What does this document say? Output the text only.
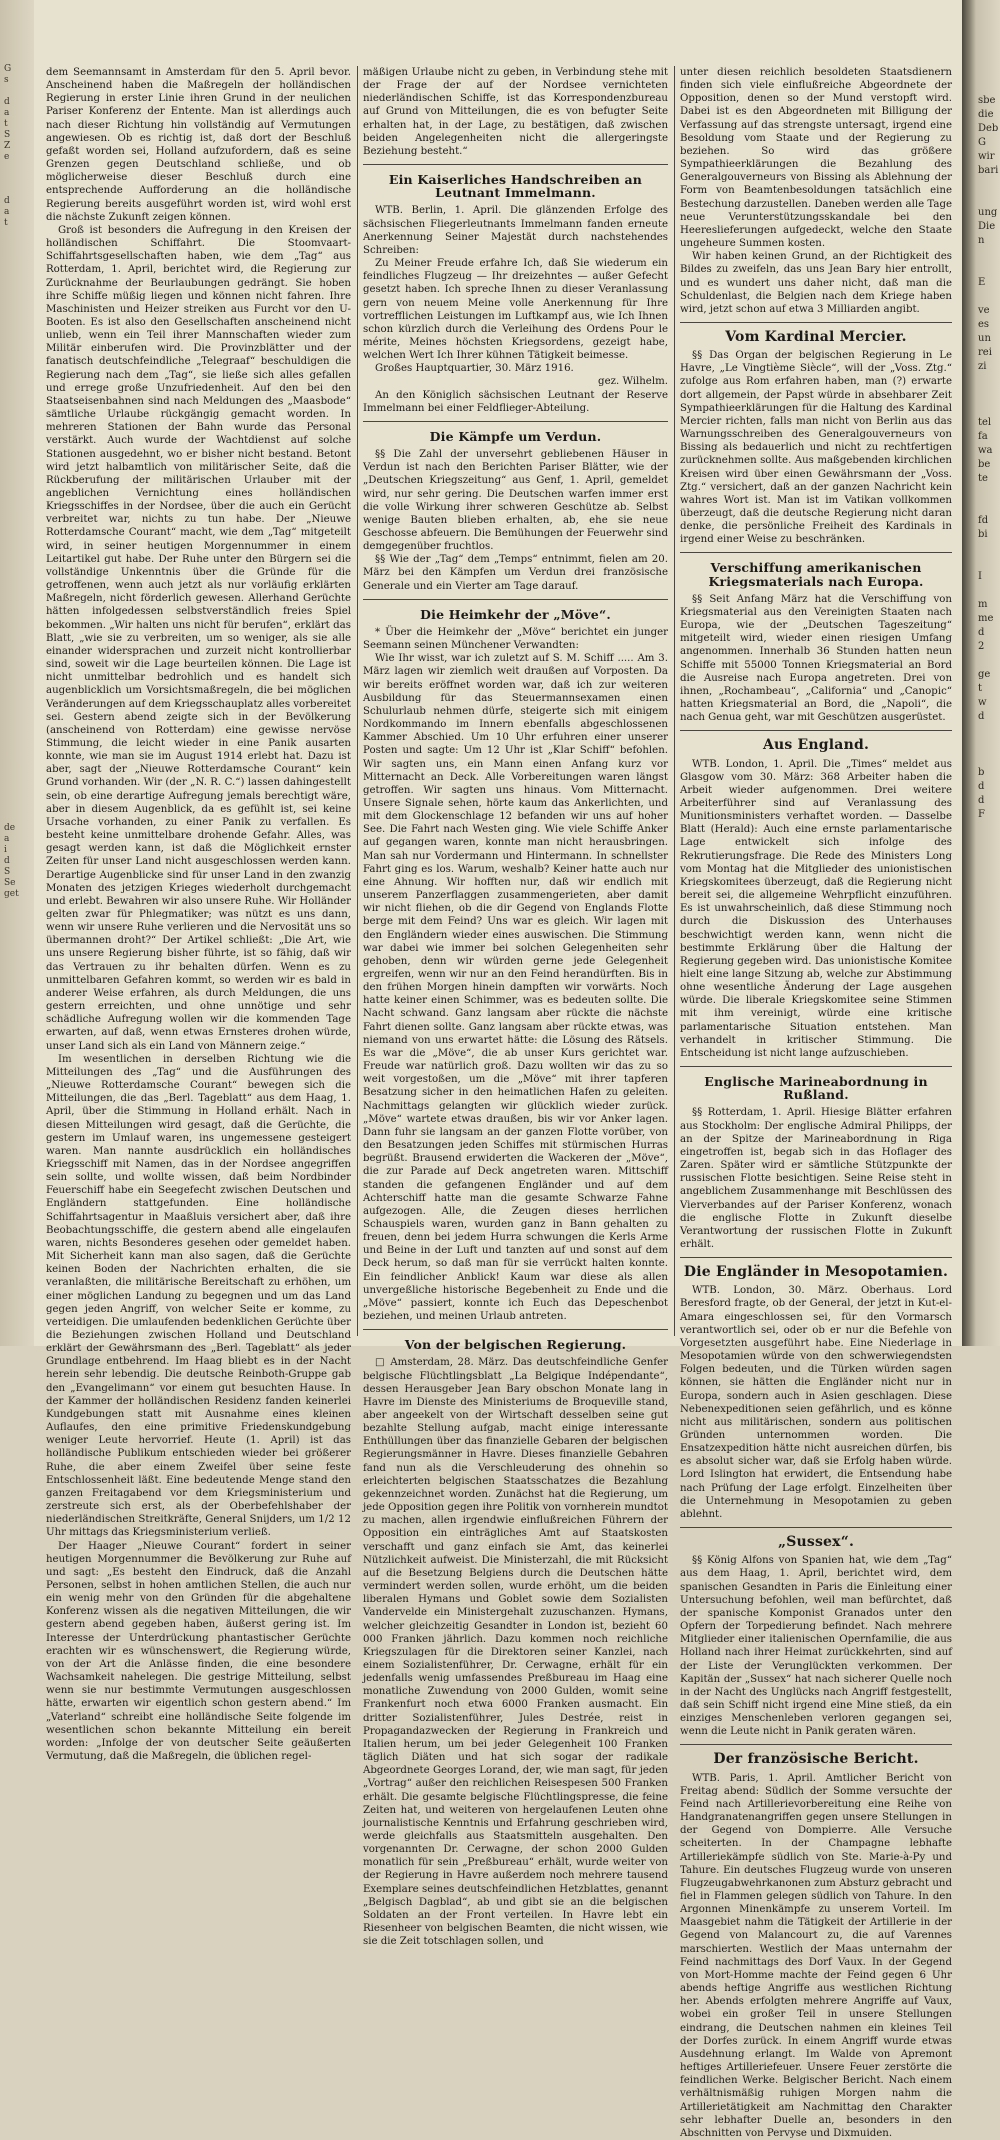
G
s

d
a
t
S
Z
e

d
a
t

de
a
i
d
S
Se
get

sbe
die
Deb
G
wir
bari

ung
Die
n

E

ve
es
un
rei
zi

tel
fa
wa
be
te

fd
bi

I

m
me
d
2

ge
t
w
d

b
d
d
F

dem Seemannsamt in Amsterdam für den 5. April bevor. Anscheinend haben die Maßregeln der holländischen Regierung in erster Linie ihren Grund in der neulichen Pariser Konferenz der Entente. Man ist allerdings auch nach dieser Richtung hin vollständig auf Vermutungen angewiesen. Ob es richtig ist, daß dort der Beschluß gefaßt worden sei, Holland aufzufordern, daß es seine Grenzen gegen Deutschland schließe, und ob möglicherweise dieser Beschluß durch eine entsprechende Aufforderung an die holländische Regierung bereits ausgeführt worden ist, wird wohl erst die nächste Zukunft zeigen können.

Groß ist besonders die Aufregung in den Kreisen der holländischen Schiffahrt. Die Stoomvaart-Schiffahrtsgesellschaften haben, wie dem „Tag“ aus Rotterdam, 1. April, berichtet wird, die Regierung zur Zurücknahme der Beurlaubungen gedrängt. Sie hoben ihre Schiffe müßig liegen und können nicht fahren. Ihre Maschinisten und Heizer streiken aus Furcht vor den U-Booten. Es ist also den Gesellschaften anscheinend nicht unlieb, wenn ein Teil ihrer Mannschaften wieder zum Militär einberufen wird. Die Provinzblätter und der fanatisch deutschfeindliche „Telegraaf“ beschuldigen die Regierung nach dem „Tag“, sie ließe sich alles gefallen und errege große Unzufriedenheit. Auf den bei den Staatseisenbahnen sind nach Meldungen des „Maasbode“ sämtliche Urlaube rückgängig gemacht worden. In mehreren Stationen der Bahn wurde das Personal verstärkt. Auch wurde der Wachtdienst auf solche Stationen ausgedehnt, wo er bisher nicht bestand. Betont wird jetzt halbamtlich von militärischer Seite, daß die Rückberufung der militärischen Urlauber mit der angeblichen Vernichtung eines holländischen Kriegsschiffes in der Nordsee, über die auch ein Gerücht verbreitet war, nichts zu tun habe. Der „Nieuwe Rotterdamsche Courant“ macht, wie dem „Tag“ mitgeteilt wird, in seiner heutigen Morgennummer in einem Leitartikel gut habe. Der Ruhe unter den Bürgern sei die vollständige Unkenntnis über die Gründe für die getroffenen, wenn auch jetzt als nur vorläufig erklärten Maßregeln, nicht förderlich gewesen. Allerhand Gerüchte hätten infolgedessen selbstverständlich freies Spiel bekommen. „Wir halten uns nicht für berufen“, erklärt das Blatt, „wie sie zu verbreiten, um so weniger, als sie alle einander widersprachen und zurzeit nicht kontrollierbar sind, soweit wir die Lage beurteilen können. Die Lage ist nicht unmittelbar bedrohlich und es handelt sich augenblicklich um Vorsichtsmaßregeln, die bei möglichen Veränderungen auf dem Kriegsschauplatz alles vorbereitet sei. Gestern abend zeigte sich in der Bevölkerung (anscheinend von Rotterdam) eine gewisse nervöse Stimmung, die leicht wieder in eine Panik ausarten konnte, wie man sie im August 1914 erlebt hat. Dazu ist aber, sagt der „Nieuwe Rotterdamsche Courant“ kein Grund vorhanden. Wir (der „N. R. C.“) lassen dahingestellt sein, ob eine derartige Aufregung jemals berechtigt wäre, aber in diesem Augenblick, da es gefühlt ist, sei keine Ursache vorhanden, zu einer Panik zu verfallen. Es besteht keine unmittelbare drohende Gefahr. Alles, was gesagt werden kann, ist daß die Möglichkeit ernster Zeiten für unser Land nicht ausgeschlossen werden kann. Derartige Augenblicke sind für unser Land in den zwanzig Monaten des jetzigen Krieges wiederholt durchgemacht und erlebt. Bewahren wir also unsere Ruhe. Wir Holländer gelten zwar für Phlegmatiker; was nützt es uns dann, wenn wir unsere Ruhe verlieren und die Nervosität uns so übermannen droht?“ Der Artikel schließt: „Die Art, wie uns unsere Regierung bisher führte, ist so fähig, daß wir das Vertrauen zu ihr behalten dürfen. Wenn es zu unmittelbaren Gefahren kommt, so werden wir es bald in anderer Weise erfahren, als durch Meldungen, die uns gestern erreichten, und ohne unnötige und sehr schädliche Aufregung wollen wir die kommenden Tage erwarten, auf daß, wenn etwas Ernsteres drohen würde, unser Land sich als ein Land von Männern zeige.“

Im wesentlichen in derselben Richtung wie die Mitteilungen des „Tag“ und die Ausführungen des „Nieuwe Rotterdamsche Courant“ bewegen sich die Mitteilungen, die das „Berl. Tageblatt“ aus dem Haag, 1. April, über die Stimmung in Holland erhält. Nach in diesen Mitteilungen wird gesagt, daß die Gerüchte, die gestern im Umlauf waren, ins ungemessene gesteigert waren. Man nannte ausdrücklich ein holländisches Kriegsschiff mit Namen, das in der Nordsee angegriffen sein sollte, und wollte wissen, daß beim Nordbinder Feuerschiff habe ein Seegefecht zwischen Deutschen und Engländern stattgefunden. Eine holländische Schiffahrtsagentur in Maaßluis versichert aber, daß ihre Beobachtungsschiffe, die gestern abend alle eingelaufen waren, nichts Besonderes gesehen oder gemeldet haben. Mit Sicherheit kann man also sagen, daß die Gerüchte keinen Boden der Nachrichten erhalten, die sie veranlaßten, die militärische Bereitschaft zu erhöhen, um einer möglichen Landung zu begegnen und um das Land gegen jeden Angriff, von welcher Seite er komme, zu verteidigen. Die umlaufenden bedenklichen Gerüchte über die Beziehungen zwischen Holland und Deutschland erklärt der Gewährsmann des „Berl. Tageblatt“ als jeder Grundlage entbehrend. Im Haag bliebt es in der Nacht herein sehr lebendig. Die deutsche Reinboth-Gruppe gab den „Evangelimann“ vor einem gut besuchten Hause. In der Kammer der holländischen Residenz fanden keinerlei Kundgebungen statt mit Ausnahme eines kleinen Auflaufes, den eine primitive Friedenskundgebung weniger Leute hervorrief. Heute (1. April) ist das holländische Publikum entschieden wieder bei größerer Ruhe, die aber einem Zweifel über seine feste Entschlossenheit läßt. Eine bedeutende Menge stand den ganzen Freitagabend vor dem Kriegsministerium und zerstreute sich erst, als der Oberbefehlshaber der niederländischen Streitkräfte, General Snijders, um 1/2 12 Uhr mittags das Kriegsministerium verließ.

Der Haager „Nieuwe Courant“ fordert in seiner heutigen Morgennummer die Bevölkerung zur Ruhe auf und sagt: „Es besteht den Eindruck, daß die Anzahl Personen, selbst in hohen amtlichen Stellen, die auch nur ein wenig mehr von den Gründen für die abgehaltene Konferenz wissen als die negativen Mitteilungen, die wir gestern abend gegeben haben, äußerst gering ist. Im Interesse der Unterdrückung phantastischer Gerüchte erachten wir es wünschenswert, die Regierung würde, von der Art die Anlässe finden, die eine besondere Wachsamkeit nahelegen. Die gestrige Mitteilung, selbst wenn sie nur bestimmte Vermutungen ausgeschlossen hätte, erwarten wir eigentlich schon gestern abend.“ Im „Vaterland“ schreibt eine holländische Seite folgende im wesentlichen schon bekannte Mitteilung ein bereit worden: „Infolge der von deutscher Seite geäußerten Vermutung, daß die Maßregeln, die üblichen regel-

mäßigen Urlaube nicht zu geben, in Verbindung stehe mit der Frage der auf der Nordsee vernichteten niederländischen Schiffe, ist das Korrespondenzbureau auf Grund von Mitteilungen, die es von befugter Seite erhalten hat, in der Lage, zu bestätigen, daß zwischen beiden Angelegenheiten nicht die allergeringste Beziehung besteht.“

Ein Kaiserliches Handschreiben an Leutnant Immelmann.

WTB. Berlin, 1. April. Die glänzenden Erfolge des sächsischen Fliegerleutnants Immelmann fanden erneute Anerkennung Seiner Majestät durch nachstehendes Schreiben:

Zu Meiner Freude erfahre Ich, daß Sie wiederum ein feindliches Flugzeug — Ihr dreizehntes — außer Gefecht gesetzt haben. Ich spreche Ihnen zu dieser Veranlassung gern von neuem Meine volle Anerkennung für Ihre vortrefflichen Leistungen im Luftkampf aus, wie Ich Ihnen schon kürzlich durch die Verleihung des Ordens Pour le mérite, Meines höchsten Kriegsordens, gezeigt habe, welchen Wert Ich Ihrer kühnen Tätigkeit beimesse.

Großes Hauptquartier, 30. März 1916.

gez. Wilhelm.

An den Königlich sächsischen Leutnant der Reserve Immelmann bei einer Feldflieger-Abteilung.

Die Kämpfe um Verdun.

§§ Die Zahl der unversehrt gebliebenen Häuser in Verdun ist nach den Berichten Pariser Blätter, wie der „Deutschen Kriegszeitung“ aus Genf, 1. April, gemeldet wird, nur sehr gering. Die Deutschen warfen immer erst die volle Wirkung ihrer schweren Geschütze ab. Selbst wenige Bauten blieben erhalten, ab, ehe sie neue Geschosse abfeuern. Die Bemühungen der Feuerwehr sind demgegenüber fruchtlos.

§§ Wie der „Tag“ dem „Temps“ entnimmt, fielen am 20. März bei den Kämpfen um Verdun drei französische Generale und ein Vierter am Tage darauf.

Die Heimkehr der „Möve“.

* Über die Heimkehr der „Möve“ berichtet ein junger Seemann seinen Münchener Verwandten:

Wie Ihr wisst, war ich zuletzt auf S. M. Schiff ..... Am 3. März lagen wir ziemlich weit draußen auf Vorposten. Da wir bereits eröffnet worden war, daß ich zur weiteren Ausbildung für das Steuermannsexamen einen Schulurlaub nehmen dürfe, steigerte sich mit einigem Nordkommando im Innern ebenfalls abgeschlossenen Kammer Abschied. Um 10 Uhr erfuhren einer unserer Posten und sagte: Um 12 Uhr ist „Klar Schiff“ befohlen. Wir sagten uns, ein Mann einen Anfang kurz vor Mitternacht an Deck. Alle Vorbereitungen waren längst getroffen. Wir sagten uns hinaus. Vom Mitternacht. Unsere Signale sehen, hörte kaum das Ankerlichten, und mit dem Glockenschlage 12 befanden wir uns auf hoher See. Die Fahrt nach Westen ging. Wie viele Schiffe Anker auf gegangen waren, konnte man nicht herausbringen. Man sah nur Vordermann und Hintermann. In schnellster Fahrt ging es los. Warum, weshalb? Keiner hatte auch nur eine Ahnung. Wir hofften nur, daß wir endlich mit unserem Panzerflaggen zusammengerieten, aber damit wir nicht fliehen, ob die dir Gegend von Englands Flotte berge mit dem Feind? Uns war es gleich. Wir lagen mit den Engländern wieder eines auswischen. Die Stimmung war dabei wie immer bei solchen Gelegenheiten sehr gehoben, denn wir würden gerne jede Gelegenheit ergreifen, wenn wir nur an den Feind herandürften. Bis in den frühen Morgen hinein dampften wir vorwärts. Noch hatte keiner einen Schimmer, was es bedeuten sollte. Die Nacht schwand. Ganz langsam aber rückte die nächste Fahrt dienen sollte. Ganz langsam aber rückte etwas, was niemand von uns erwartet hätte: die Lösung des Rätsels. Es war die „Möve“, die ab unser Kurs gerichtet war. Freude war natürlich groß. Dazu wollten wir das zu so weit vorgestoßen, um die „Möve“ mit ihrer tapferen Besatzung sicher in den heimatlichen Hafen zu geleiten. Nachmittags gelangten wir glücklich wieder zurück. „Möve“ wartete etwas draußen, bis wir vor Anker lagen. Dann fuhr sie langsam an der ganzen Flotte vorüber, von den Besatzungen jeden Schiffes mit stürmischen Hurras begrüßt. Brausend erwiderten die Wackeren der „Möve“, die zur Parade auf Deck angetreten waren. Mittschiff standen die gefangenen Engländer und auf dem Achterschiff hatte man die gesamte Schwarze Fahne aufgezogen. Alle, die Zeugen dieses herrlichen Schauspiels waren, wurden ganz in Bann gehalten zu freuen, denn bei jedem Hurra schwungen die Kerls Arme und Beine in der Luft und tanzten auf und sonst auf dem Deck herum, so daß man für sie verrückt halten konnte. Ein feindlicher Anblick! Kaum war diese als allen unvergeßliche historische Begebenheit zu Ende und die „Möve“ passiert, konnte ich Euch das Depeschenbot beziehen, und meinen Urlaub antreten.

Von der belgischen Regierung.

□ Amsterdam, 28. März. Das deutschfeindliche Genfer belgische Flüchtlingsblatt „La Belgique Indépendante“, dessen Herausgeber Jean Bary obschon Monate lang in Havre im Dienste des Ministeriums de Broqueville stand, aber angeekelt von der Wirtschaft desselben seine gut bezahlte Stellung aufgab, macht einige interessante Enthüllungen über das finanzielle Gebaren der belgischen Regierungsmänner in Havre. Dieses finanzielle Gebahren fand nun als die Verschleuderung des ohnehin so erleichterten belgischen Staatsschatzes die Bezahlung gekennzeichnet worden. Zunächst hat die Regierung, um jede Opposition gegen ihre Politik von vornherein mundtot zu machen, allen irgendwie einflußreichen Führern der Opposition ein einträgliches Amt auf Staatskosten verschafft und ganz einfach sie Amt, das keinerlei Nützlichkeit aufweist. Die Ministerzahl, die mit Rücksicht auf die Besetzung Belgiens durch die Deutschen hätte vermindert werden sollen, wurde erhöht, um die beiden liberalen Hymans und Goblet sowie dem Sozialisten Vandervelde ein Ministergehalt zuzuschanzen. Hymans, welcher gleichzeitig Gesandter in London ist, bezieht 60 000 Franken jährlich. Dazu kommen noch reichliche Kriegszulagen für die Direktoren seiner Kanzlei, nach einem Sozialistenführer, Dr. Cerwagne, erhält für ein jedenfalls wenig umfassendes Preßbureau im Haag eine monatliche Zuwendung von 2000 Gulden, womit seine Frankenfurt noch etwa 6000 Franken ausmacht. Ein dritter Sozialistenführer, Jules Destrée, reist in Propagandazwecken der Regierung in Frankreich und Italien herum, um bei jeder Gelegenheit 100 Franken täglich Diäten und hat sich sogar der radikale Abgeordnete Georges Lorand, der, wie man sagt, für jeden „Vortrag“ außer den reichlichen Reisespesen 500 Franken erhält. Die gesamte belgische Flüchtlingspresse, die feine Zeiten hat, und weiteren von hergelaufenen Leuten ohne journalistische Kenntnis und Erfahrung geschrieben wird, werde gleichfalls aus Staatsmitteln ausgehalten. Den vorgenannten Dr. Cerwagne, der schon 2000 Gulden monatlich für sein „Preßbureau“ erhält, wurde weiter von der Regierung in Havre außerdem noch mehrere tausend Exemplare seines deutschfeindlichen Hetzblattes, genannt „Belgisch Dagblad“, ab und gibt sie an die belgischen Soldaten an der Front verteilen. In Havre lebt ein Riesenheer von belgischen Beamten, die nicht wissen, wie sie die Zeit totschlagen sollen, und

unter diesen reichlich besoldeten Staatsdienern finden sich viele einflußreiche Abgeordnete der Opposition, denen so der Mund verstopft wird. Dabei ist es den Abgeordneten mit Billigung der Verfassung auf das strengste untersagt, irgend eine Besoldung vom Staate und der Regierung zu beziehen. So wird das größere Sympathieerklärungen die Bezahlung des Generalgouverneurs von Bissing als Ablehnung der Form von Beamtenbesoldungen tatsächlich eine Bestechung darzustellen. Daneben werden alle Tage neue Verunterstützungsskandale bei den Heereslieferungen aufgedeckt, welche den Staate ungeheure Summen kosten.

Wir haben keinen Grund, an der Richtigkeit des Bildes zu zweifeln, das uns Jean Bary hier entrollt, und es wundert uns daher nicht, daß man die Schuldenlast, die Belgien nach dem Kriege haben wird, jetzt schon auf etwa 3 Milliarden angibt.

Vom Kardinal Mercier.

§§ Das Organ der belgischen Regierung in Le Havre, „Le Vingtième Siècle“, will der „Voss. Ztg.“ zufolge aus Rom erfahren haben, man (?) erwarte dort allgemein, der Papst würde in absehbarer Zeit Sympathieerklärungen für die Haltung des Kardinal Mercier richten, falls man nicht von Berlin aus das Warnungsschreiben des Generalgouverneurs von Bissing als bedauerlich und nicht zu rechtfertigen zurücknehmen sollte. Aus maßgebenden kirchlichen Kreisen wird über einen Gewährsmann der „Voss. Ztg.“ versichert, daß an der ganzen Nachricht kein wahres Wort ist. Man ist im Vatikan vollkommen überzeugt, daß die deutsche Regierung nicht daran denke, die persönliche Freiheit des Kardinals in irgend einer Weise zu beschränken.

Verschiffung amerikanischen Kriegsmaterials nach Europa.

§§ Seit Anfang März hat die Verschiffung von Kriegsmaterial aus den Vereinigten Staaten nach Europa, wie der „Deutschen Tageszeitung“ mitgeteilt wird, wieder einen riesigen Umfang angenommen. Innerhalb 36 Stunden hatten neun Schiffe mit 55000 Tonnen Kriegsmaterial an Bord die Ausreise nach Europa angetreten. Drei von ihnen, „Rochambeau“, „California“ und „Canopic“ hatten Kriegsmaterial an Bord, die „Napoli“, die nach Genua geht, war mit Geschützen ausgerüstet.

Aus England.

WTB. London, 1. April. Die „Times“ meldet aus Glasgow vom 30. März: 368 Arbeiter haben die Arbeit wieder aufgenommen. Drei weitere Arbeiterführer sind auf Veranlassung des Munitionsministers verhaftet worden. — Dasselbe Blatt (Herald): Auch eine ernste parlamentarische Lage entwickelt sich infolge des Rekrutierungsfrage. Die Rede des Ministers Long vom Montag hat die Mitglieder des unionistischen Kriegskomitees überzeugt, daß die Regierung nicht bereit sei, die allgemeine Wehrpflicht einzuführen. Es ist unwahrscheinlich, daß diese Stimmung noch durch die Diskussion des Unterhauses beschwichtigt werden kann, wenn nicht die bestimmte Erklärung über die Haltung der Regierung gegeben wird. Das unionistische Komitee hielt eine lange Sitzung ab, welche zur Abstimmung ohne wesentliche Änderung der Lage ausgehen würde. Die liberale Kriegskomitee seine Stimmen mit ihm vereinigt, würde eine kritische parlamentarische Situation entstehen. Man verhandelt in kritischer Stimmung. Die Entscheidung ist nicht lange aufzuschieben.

Englische Marineabordnung in Rußland.

§§ Rotterdam, 1. April. Hiesige Blätter erfahren aus Stockholm: Der englische Admiral Philipps, der an der Spitze der Marineabordnung in Riga eingetroffen ist, begab sich in das Hoflager des Zaren. Später wird er sämtliche Stützpunkte der russischen Flotte besichtigen. Seine Reise steht in angeblichem Zusammenhange mit Beschlüssen des Vierverbandes auf der Pariser Konferenz, wonach die englische Flotte in Zukunft dieselbe Verantwortung der russischen Flotte in Zukunft erhält.

Die Engländer in Mesopotamien.

WTB. London, 30. März. Oberhaus. Lord Beresford fragte, ob der General, der jetzt in Kut-el-Amara eingeschlossen sei, für den Vormarsch verantwortlich sei, oder ob er nur die Befehle von Vorgesetzten ausgeführt habe. Eine Niederlage in Mesopotamien würde von den schwerwiegendsten Folgen bedeuten, und die Türken würden sagen können, sie hätten die Engländer nicht nur in Europa, sondern auch in Asien geschlagen. Diese Nebenexpeditionen seien gefährlich, und es könne nicht aus militärischen, sondern aus politischen Gründen unternommen worden. Die Ensatzexpedition hätte nicht ausreichen dürfen, bis es absolut sicher war, daß sie Erfolg haben würde. Lord Islington hat erwidert, die Entsendung habe nach Prüfung der Lage erfolgt. Einzelheiten über die Unternehmung in Mesopotamien zu geben ablehnt.

„Sussex“.

§§ König Alfons von Spanien hat, wie dem „Tag“ aus dem Haag, 1. April, berichtet wird, dem spanischen Gesandten in Paris die Einleitung einer Untersuchung befohlen, weil man befürchtet, daß der spanische Komponist Granados unter den Opfern der Torpedierung befindet. Nach mehrere Mitglieder einer italienischen Opernfamilie, die aus Holland nach ihrer Heimat zurückkehrten, sind auf der Liste der Verunglückten verkommen. Der Kapitän der „Sussex“ hat nach sicherer Quelle noch in der Nacht des Unglücks nach Angriff festgestellt, daß sein Schiff nicht irgend eine Mine stieß, da ein einziges Menschenleben verloren gegangen sei, wenn die Leute nicht in Panik geraten wären.

Der französische Bericht.

WTB. Paris, 1. April. Amtlicher Bericht von Freitag abend: Südlich der Somme versuchte der Feind nach Artillerievorbereitung eine Reihe von Handgranatenangriffen gegen unsere Stellungen in der Gegend von Dompierre. Alle Versuche scheiterten. In der Champagne lebhafte Artilleriekämpfe südlich von Ste. Marie-à-Py und Tahure. Ein deutsches Flugzeug wurde von unseren Flugzeugabwehrkanonen zum Absturz gebracht und fiel in Flammen gelegen südlich von Tahure. In den Argonnen Minenkämpfe zu unserem Vorteil. Im Maasgebiet nahm die Tätigkeit der Artillerie in der Gegend von Malancourt zu, die auf Varennes marschierten. Westlich der Maas unternahm der Feind nachmittags des Dorf Vaux. In der Gegend von Mort-Homme machte der Feind gegen 6 Uhr abends heftige Angriffe aus westlichen Richtung her. Abends erfolgten mehrere Angriffe auf Vaux, wobei ein großer Teil in unsere Stellungen eindrang, die Deutschen nahmen ein kleines Teil der Dorfes zurück. In einem Angriff wurde etwas Ausdehnung erlangt. Im Walde von Apremont heftiges Artilleriefeuer. Unsere Feuer zerstörte die feindlichen Werke. Belgischer Bericht. Nach einem verhältnismäßig ruhigen Morgen nahm die Artillerietätigkeit am Nachmittag den Charakter sehr lebhafter Duelle an, besonders in den Abschnitten von Pervyse und Dixmuiden.
